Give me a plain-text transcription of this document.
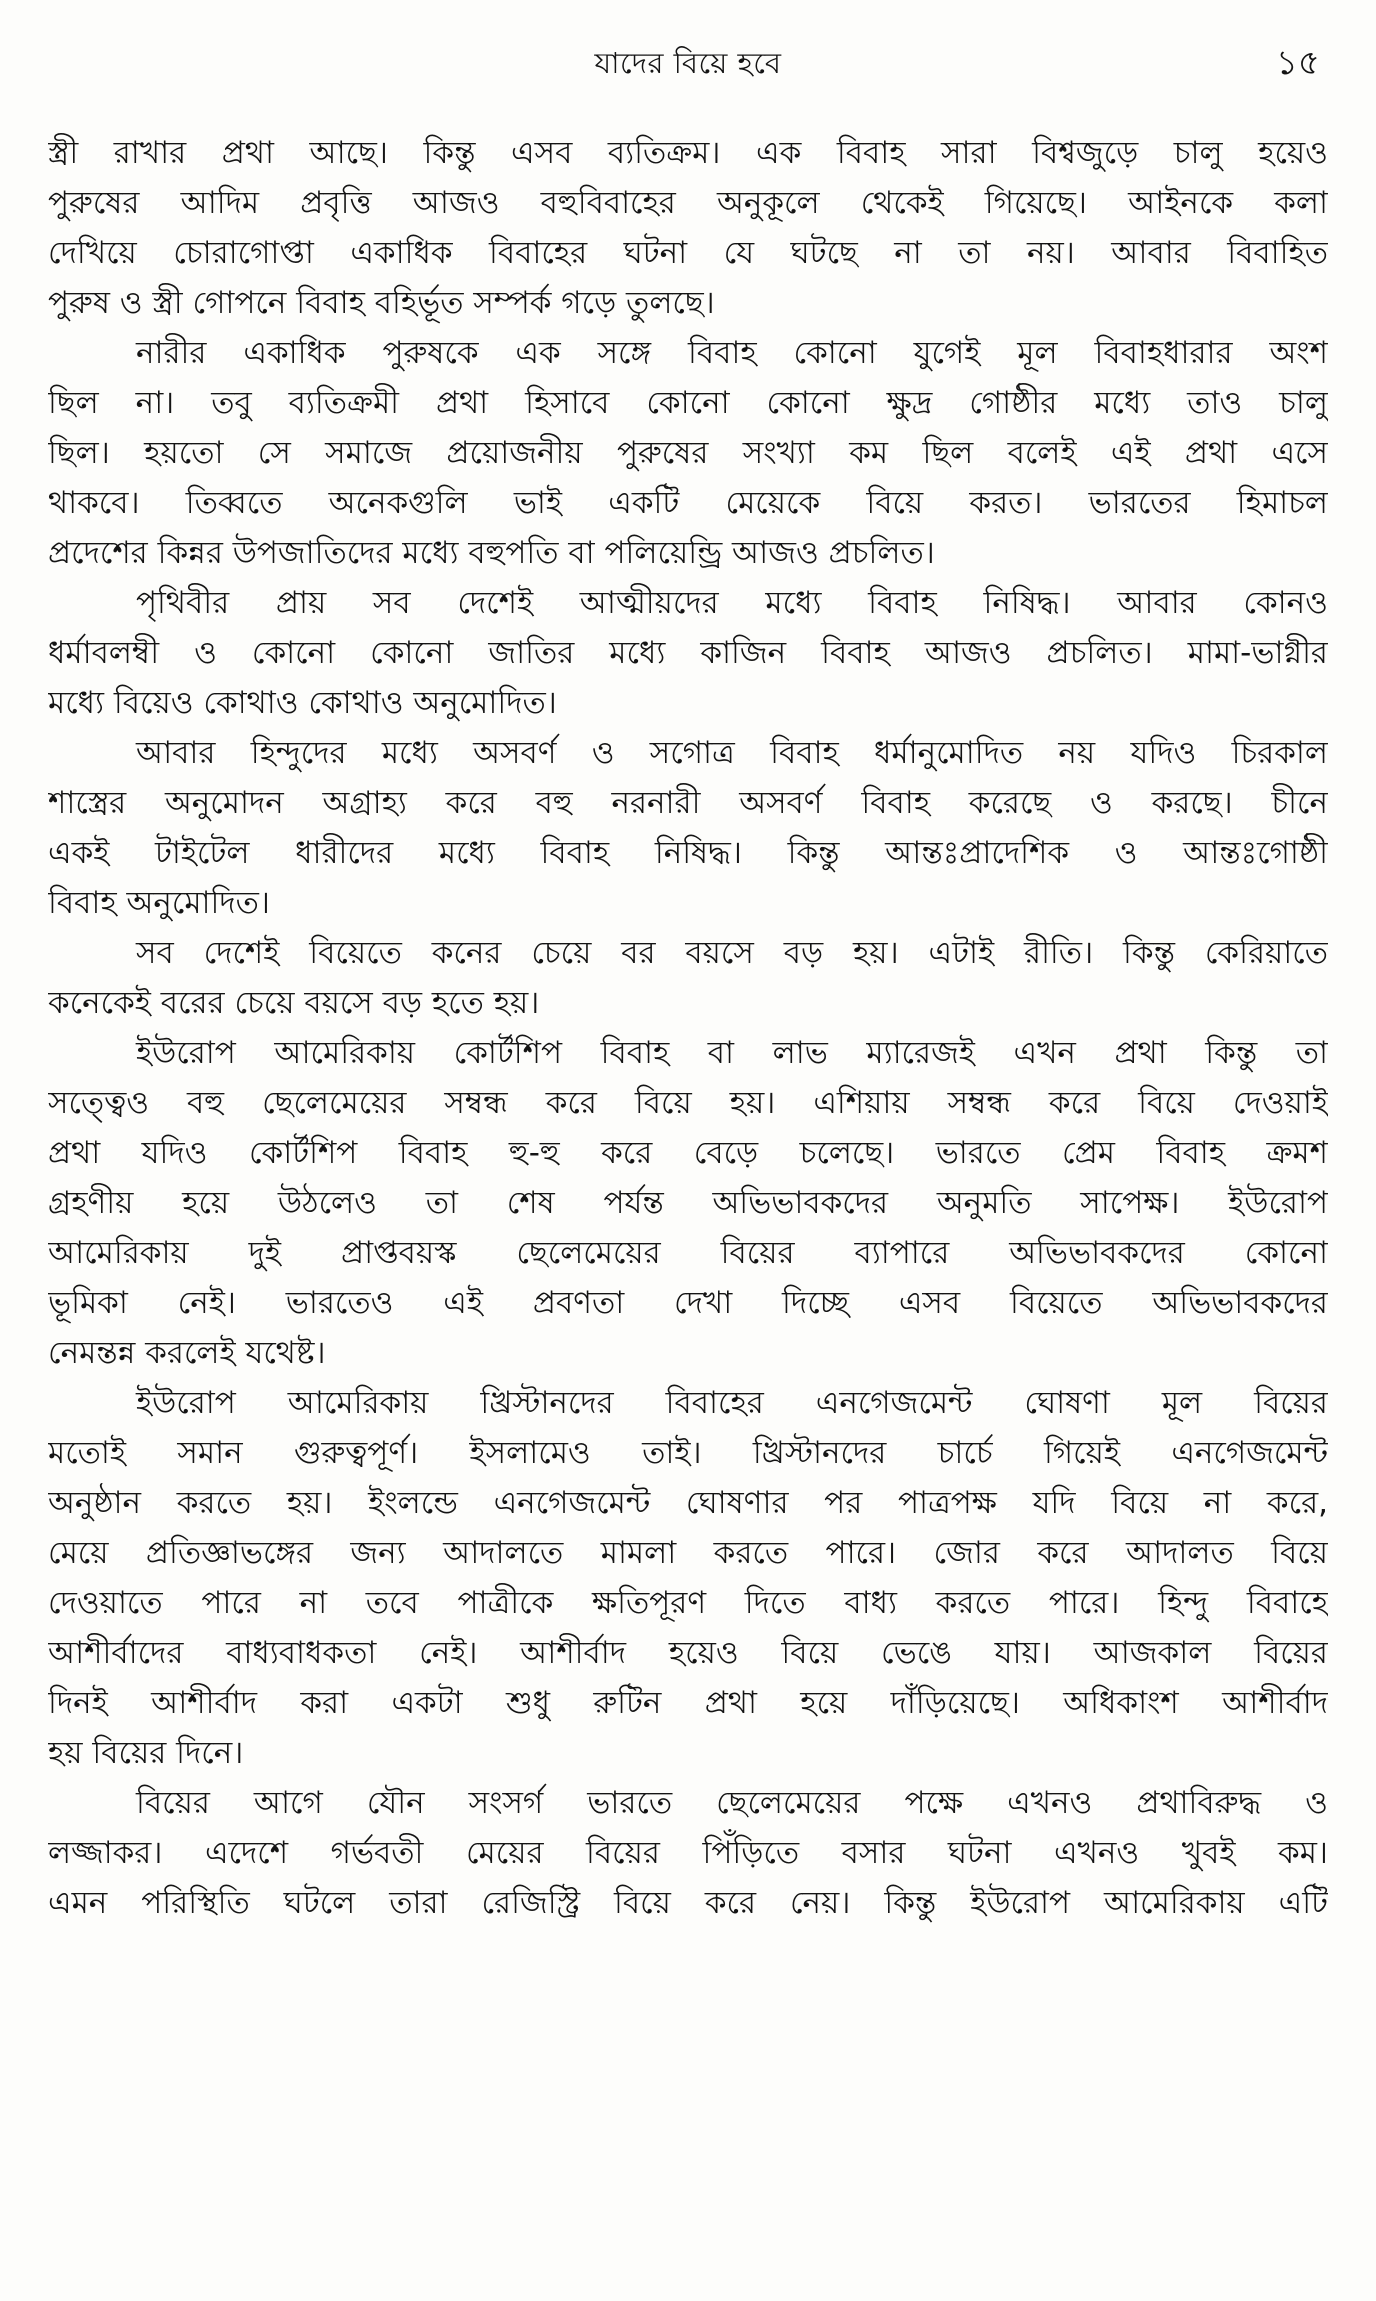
যাদের বিয়ে হবে	১৫
স্ত্রী রাখার প্রথা আছে। কিন্তু এসব ব্যতিক্রম। এক বিবাহ সারা বিশ্বজুড়ে চালু হয়েও
পুরুষের আদিম প্রবৃত্তি আজও বহুবিবাহের অনুকূলে থেকেই গিয়েছে। আইনকে কলা
দেখিয়ে চোরাগোপ্তা একাধিক বিবাহের ঘটনা যে ঘটছে না তা নয়। আবার বিবাহিত
পুরুষ ও স্ত্রী গোপনে বিবাহ বহির্ভূত সম্পর্ক গড়ে তুলছে।
নারীর একাধিক পুরুষকে এক সঙ্গে বিবাহ কোনো যুগেই মূল বিবাহধারার অংশ
ছিল না। তবু ব্যতিক্রমী প্রথা হিসাবে কোনো কোনো ক্ষুদ্র গোষ্ঠীর মধ্যে তাও চালু
ছিল। হয়তো সে সমাজে প্রয়োজনীয় পুরুষের সংখ্যা কম ছিল বলেই এই প্রথা এসে
থাকবে। তিব্বতে অনেকগুলি ভাই একটি মেয়েকে বিয়ে করত। ভারতের হিমাচল
প্রদেশের কিন্নর উপজাতিদের মধ্যে বহুপতি বা পলিয়েন্ড্রি আজও প্রচলিত।
পৃথিবীর প্রায় সব দেশেই আত্মীয়দের মধ্যে বিবাহ নিষিদ্ধ। আবার কোনও
ধর্মাবলম্বী ও কোনো কোনো জাতির মধ্যে কাজিন বিবাহ আজও প্রচলিত। মামা-ভাগ্নীর
মধ্যে বিয়েও কোথাও কোথাও অনুমোদিত।
আবার হিন্দুদের মধ্যে অসবর্ণ ও সগোত্র বিবাহ ধর্মানুমোদিত নয় যদিও চিরকাল
শাস্ত্রের অনুমোদন অগ্রাহ্য করে বহু নরনারী অসবর্ণ বিবাহ করেছে ও করছে। চীনে
একই টাইটেল ধারীদের মধ্যে বিবাহ নিষিদ্ধ। কিন্তু আন্তঃপ্রাদেশিক ও আন্তঃগোষ্ঠী
বিবাহ অনুমোদিত।
সব দেশেই বিয়েতে কনের চেয়ে বর বয়সে বড় হয়। এটাই রীতি। কিন্তু কেরিয়াতে
কনেকেই বরের চেয়ে বয়সে বড় হতে হয়।
ইউরোপ আমেরিকায় কোর্টশিপ বিবাহ বা লাভ ম্যারেজই এখন প্রথা কিন্তু তা
সত্ত্বেও বহু ছেলেমেয়ের সম্বন্ধ করে বিয়ে হয়। এশিয়ায় সম্বন্ধ করে বিয়ে দেওয়াই
প্রথা যদিও কোর্টশিপ বিবাহ হু-হু করে বেড়ে চলেছে। ভারতে প্রেম বিবাহ ক্রমশ
গ্রহণীয় হয়ে উঠলেও তা শেষ পর্যন্ত অভিভাবকদের অনুমতি সাপেক্ষ। ইউরোপ
আমেরিকায় দুই প্রাপ্তবয়স্ক ছেলেমেয়ের বিয়ের ব্যাপারে অভিভাবকদের কোনো
ভূমিকা নেই। ভারতেও এই প্রবণতা দেখা দিচ্ছে এসব বিয়েতে অভিভাবকদের
নেমন্তন্ন করলেই যথেষ্ট।
ইউরোপ আমেরিকায় খ্রিস্টানদের বিবাহের এনগেজমেন্ট ঘোষণা মূল বিয়ের
মতোই সমান গুরুত্বপূর্ণ। ইসলামেও তাই। খ্রিস্টানদের চার্চে গিয়েই এনগেজমেন্ট
অনুষ্ঠান করতে হয়। ইংলন্ডে এনগেজমেন্ট ঘোষণার পর পাত্রপক্ষ যদি বিয়ে না করে,
মেয়ে প্রতিজ্ঞাভঙ্গের জন্য আদালতে মামলা করতে পারে। জোর করে আদালত বিয়ে
দেওয়াতে পারে না তবে পাত্রীকে ক্ষতিপূরণ দিতে বাধ্য করতে পারে। হিন্দু বিবাহে
আশীর্বাদের বাধ্যবাধকতা নেই। আশীর্বাদ হয়েও বিয়ে ভেঙে যায়। আজকাল বিয়ের
দিনই আশীর্বাদ করা একটা শুধু রুটিন প্রথা হয়ে দাঁড়িয়েছে। অধিকাংশ আশীর্বাদ
হয় বিয়ের দিনে।
বিয়ের আগে যৌন সংসর্গ ভারতে ছেলেমেয়ের পক্ষে এখনও প্রথাবিরুদ্ধ ও
লজ্জাকর। এদেশে গর্ভবতী মেয়ের বিয়ের পিঁড়িতে বসার ঘটনা এখনও খুবই কম।
এমন পরিস্থিতি ঘটলে তারা রেজিস্ট্রি বিয়ে করে নেয়। কিন্তু ইউরোপ আমেরিকায় এটি
